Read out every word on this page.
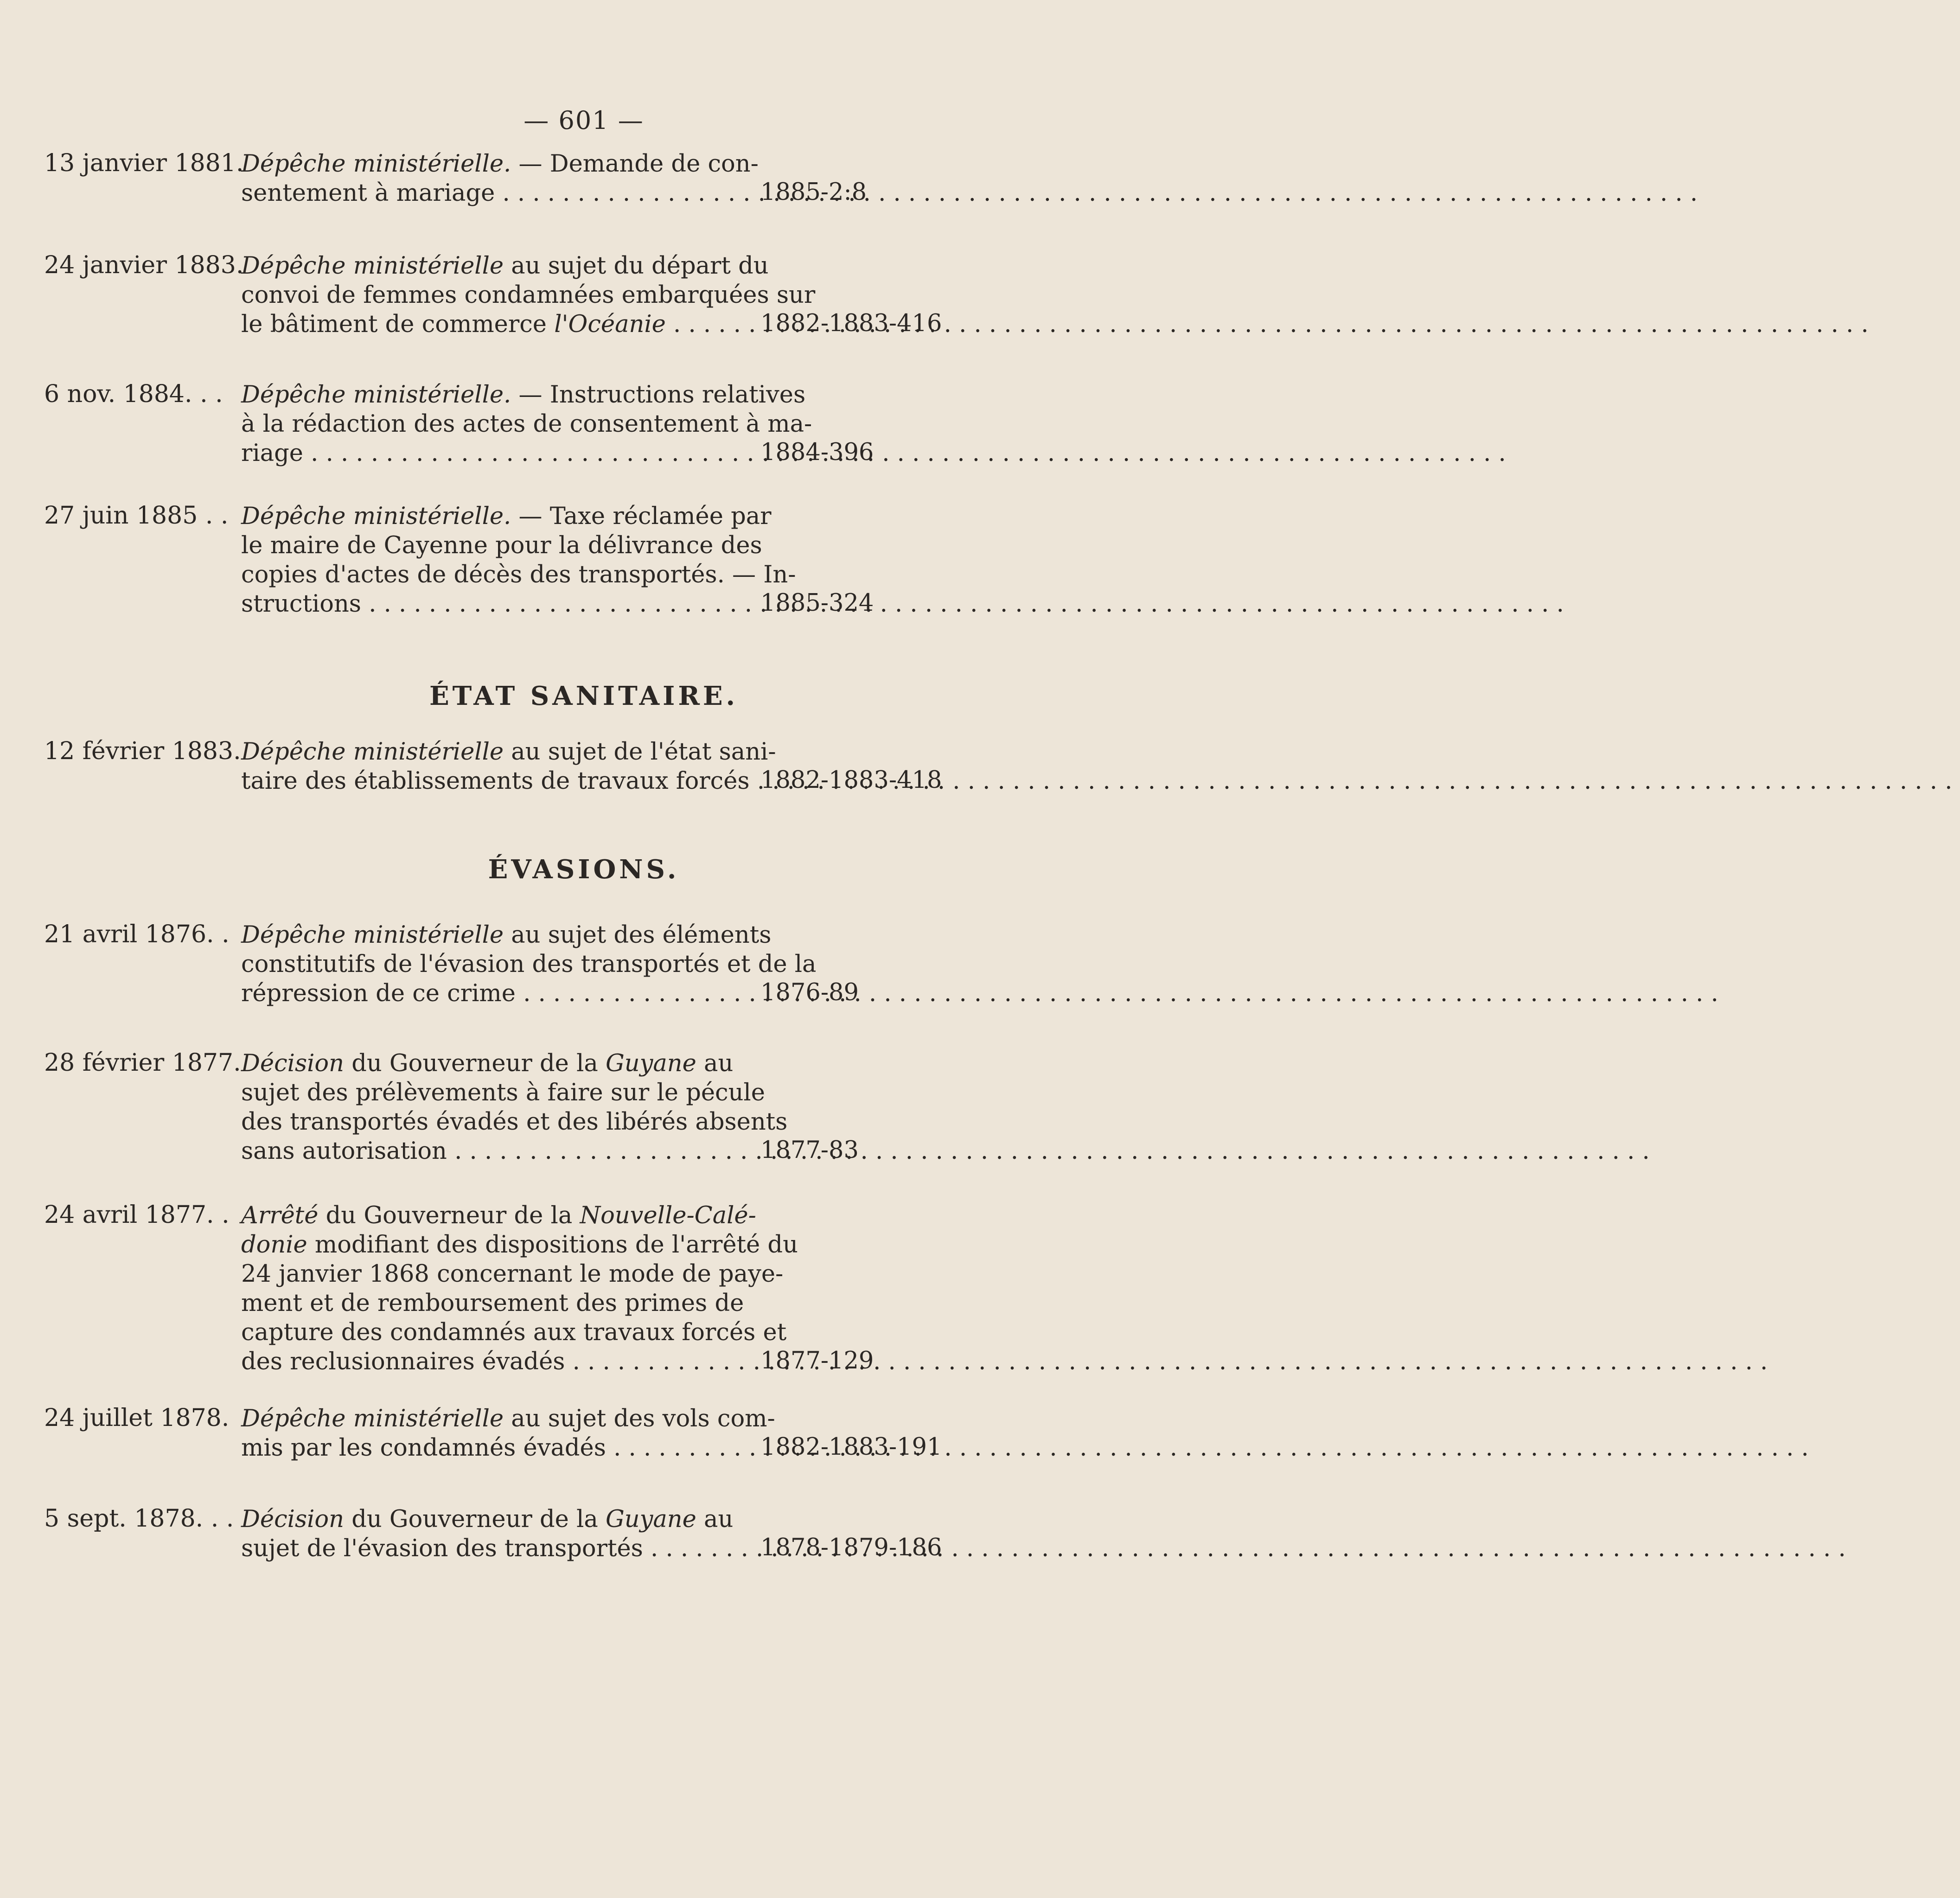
— 601 —
ÉTAT SANITAIRE.
ÉVASIONS.
13 janvier 1881.
Dépêche ministérielle. — Demande de con-
sentement à mariage . . .	1885-2:8
24 janvier 1883.
Dépêche ministérielle au sujet du départ du
convoi de femmes condamnées embarquées sur
le bâtiment de commerce l'Océanie . . .	1882-1883-416
6 nov. 1884. . . Dépêche ministérielle. — Instructions relatives
à la rédaction des actes de consentement à ma-
riage . . .	1884-396
27 juin 1885 . . Dépêche ministérielle. — Taxe réclamée par
le maire de Cayenne pour la délivrance des
copies d'actes de décès des transportés. — In-
structions . . .	1885-324
12 février 1883. Dépêche ministérielle au sujet de l'état sani-
taire des établissements de travaux forcés . . . 1882-1883-418
21 avril 1876. . Dépêche ministérielle au sujet des éléments
constitutifs de l'évasion des transportés et de la
répression de ce crime . . .	1876-89
28 février 1877. Décision du Gouverneur de la Guyane au
sujet des prélèvements à faire sur le pécule
des transportés évadés et des libérés absents
sans autorisation . . .	1877-83
24 avril 1877. . Arrêté du Gouverneur de la Nouvelle-Calé-
donie modifiant des dispositions de l'arrêté du
24 janvier 1868 concernant le mode de paye-
ment et de remboursement des primes de
capture des condamnés aux travaux forcés et
des reclusionnaires évadés . . .	1877-129
24 juillet 1878. Dépêche ministérielle au sujet des vols com-
mis par les condamnés évadés . . .	1882-1883-191
5 sept. 1878. . . Décision du Gouverneur de la Guyane au
sujet de l'évasion des transportés . . .	1878-1879-186
